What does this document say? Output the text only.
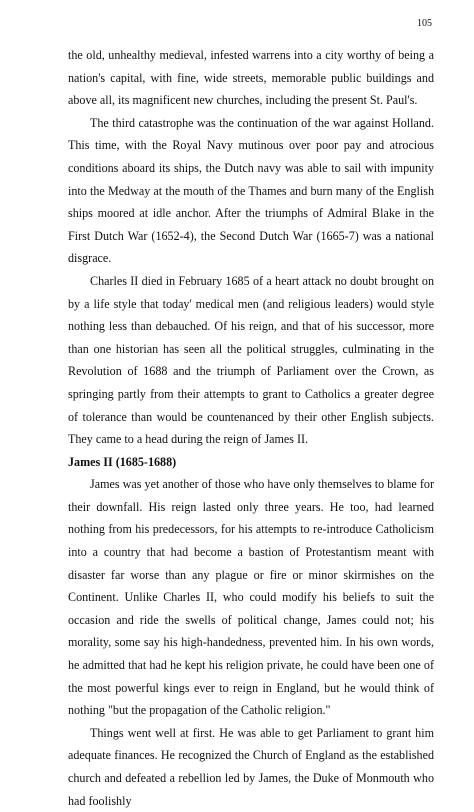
105

the old, unhealthy medieval, infested warrens into a city worthy of being a nation's capital, with fine, wide streets, memorable public buildings and above all, its magnificent new churches, including the present St. Paul's.

The third catastrophe was the continuation of the war against Holland. This time, with the Royal Navy mutinous over poor pay and atrocious conditions aboard its ships, the Dutch navy was able to sail with impunity into the Medway at the mouth of the Thames and burn many of the English ships moored at idle anchor. After the triumphs of Admiral Blake in the First Dutch War (1652-4), the Second Dutch War (1665-7) was a national disgrace.

Charles II died in February 1685 of a heart attack no doubt brought on by a life style that today' medical men (and religious leaders) would style nothing less than debauched. Of his reign, and that of his successor, more than one historian has seen all the political struggles, culminating in the Revolution of 1688 and the triumph of Parliament over the Crown, as springing partly from their attempts to grant to Catholics a greater degree of tolerance than would be countenanced by their other English subjects. They came to a head during the reign of James II.

James II (1685-1688)

James was yet another of those who have only themselves to blame for their downfall. His reign lasted only three years. He too, had learned nothing from his predecessors, for his attempts to re-introduce Catholicism into a country that had become a bastion of Protestantism meant with disaster far worse than any plague or fire or minor skirmishes on the Continent. Unlike Charles II, who could modify his beliefs to suit the occasion and ride the swells of political change, James could not; his morality, some say his high-handedness, prevented him. In his own words, he admitted that had he kept his religion private, he could have been one of the most powerful kings ever to reign in England, but he would think of nothing "but the propagation of the Catholic religion."

Things went well at first. He was able to get Parliament to grant him adequate finances. He recognized the Church of England as the established church and defeated a rebellion led by James, the Duke of Monmouth who had foolishly
